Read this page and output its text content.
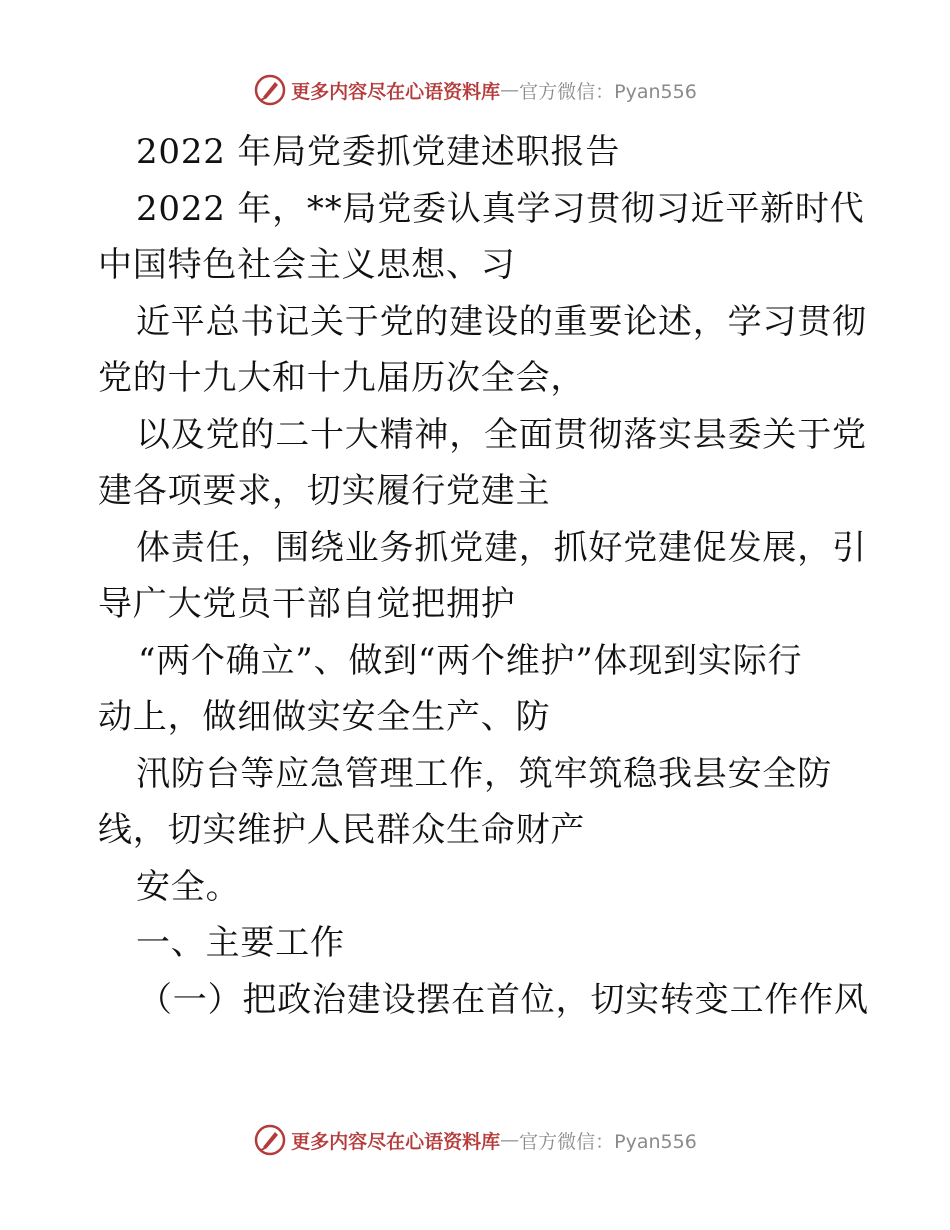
更多内容尽在心语资料库 — 官方微信：Pyan556
2022 年局党委抓党建述职报告
2022 年，**局党委认真学习贯彻习近平新时代
中国特色社会主义思想、习
近平总书记关于党的建设的重要论述，学习贯彻
党的十九大和十九届历次全会，
以及党的二十大精神，全面贯彻落实县委关于党
建各项要求，切实履行党建主
体责任，围绕业务抓党建，抓好党建促发展，引
导广大党员干部自觉把拥护
“两个确立”、做到“两个维护”体现到实际行
动上，做细做实安全生产、防
汛防台等应急管理工作，筑牢筑稳我县安全防
线，切实维护人民群众生命财产
安全。
一、主要工作
（一）把政治建设摆在首位，切实转变工作作风
更多内容尽在心语资料库 — 官方微信：Pyan556
